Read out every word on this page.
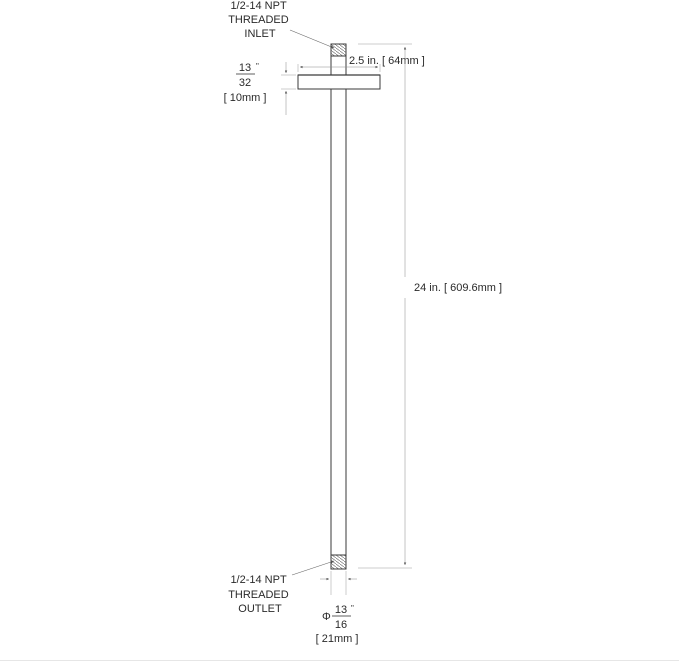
1/2-14 NPT THREADED INLET
2.5 in. [ 64mm ]
13 "
32
[ 10mm ]
24 in. [ 609.6mm ]
1/2-14 NPT THREADED OUTLET
Φ
13 "
16
[ 21mm ]
